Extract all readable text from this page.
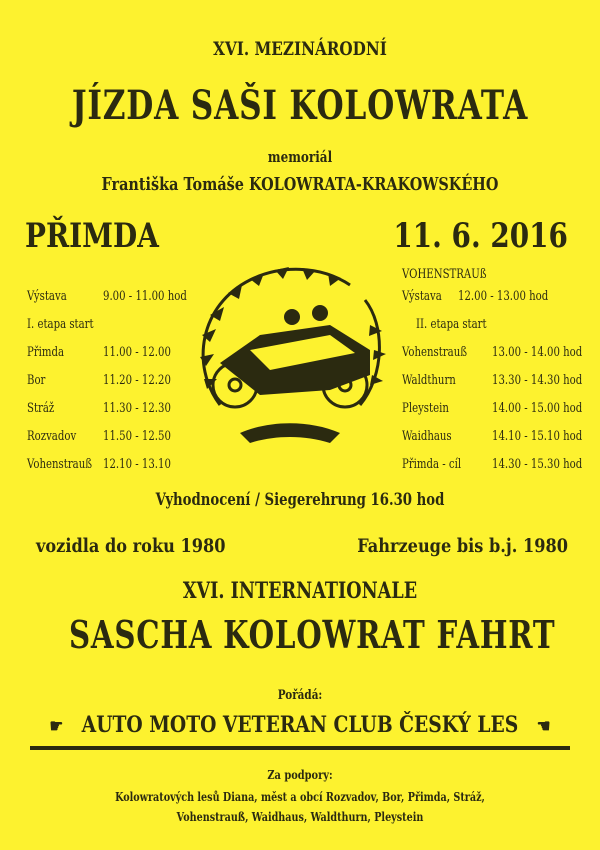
XVI. MEZINÁRODNÍ
JÍZDA SAŠI KOLOWRATA
memoriál
Františka Tomáše KOLOWRATA-KRAKOWSKÉHO
PŘIMDA	11. 6. 2016
Výstava	9.00 - 11.00 hod
I. etapa start
Přimda	11.00 - 12.00
Bor	11.20 - 12.20
Stráž	11.30 - 12.30
Rozvadov 11.50 - 12.50
Vohenstrauß 12.10 - 13.10
VOHENSTRAUß
Výstava 12.00 - 13.00 hod
II. etapa start
Vohenstrauß 13.00 - 14.00 hod
Waldthurn	13.30 - 14.30 hod
Pleystein	14.00 - 15.00 hod
Waidhaus	14.10 - 15.10 hod
Přimda - cíl 14.30 - 15.30 hod
Vyhodnocení / Siegerehrung 16.30 hod
vozidla do roku 1980	Fahrzeuge bis b.j. 1980
XVI. INTERNATIONALE
SASCHA KOLOWRAT FAHRT
Pořádá:
☛ AUTO MOTO VETERAN CLUB ČESKÝ LES ☚
Za podpory:
Kolowratových lesů Diana, měst a obcí Rozvadov, Bor, Přimda, Stráž,
Vohenstrauß, Waidhaus, Waldthurn, Pleystein
